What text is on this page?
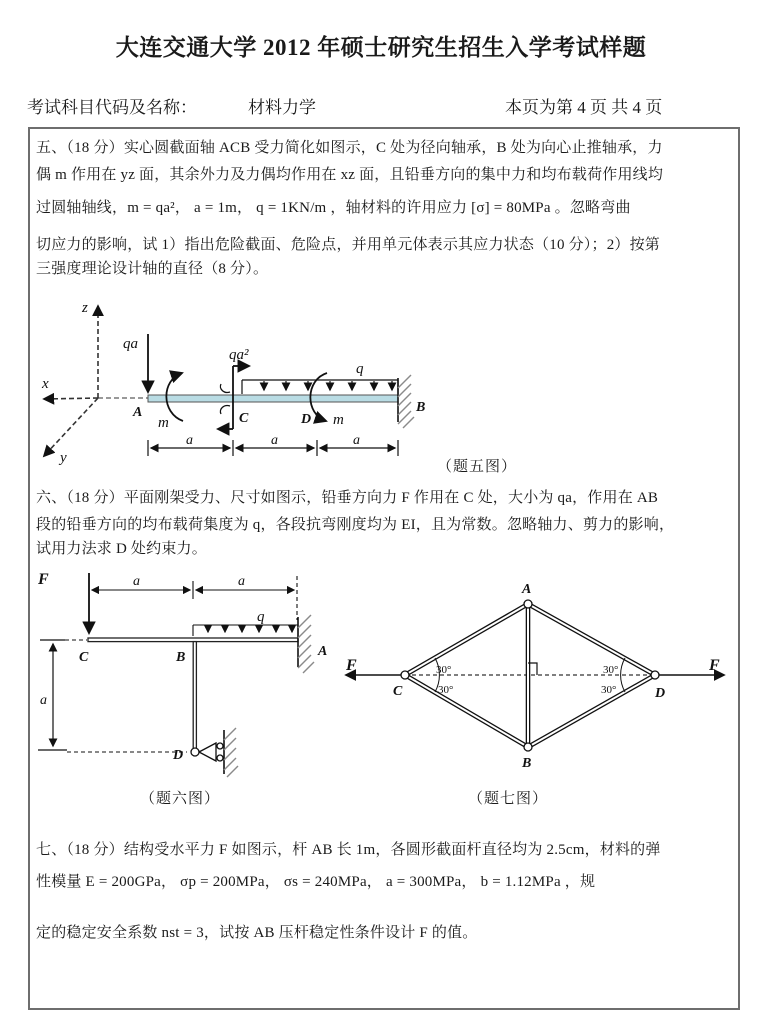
大连交通大学 2012 年硕士研究生招生入学考试样题
考试科目代码及名称：	材料力学	本页为第 4 页 共 4 页
五、（18 分）实心圆截面轴 ACB 受力简化如图示，C 处为径向轴承，B 处为向心止推轴承，力
偶 m 作用在 yz 面，其余外力及力偶均作用在 xz 面，且铅垂方向的集中力和均布载荷作用线均
过圆轴轴线，m = qa²， a = 1m， q = 1KN/m ，轴材料的许用应力 [σ] = 80MPa 。忽略弯曲
切应力的影响，试 1）指出危险截面、危险点，并用单元体表示其应力状态（10 分）；2）按第
三强度理论设计轴的直径（8 分）。
z
x
y
qa
A
m
qa²
C
q
D m
B
a	a	a
（题五图）
六、（18 分）平面刚架受力、尺寸如图示，铅垂方向力 F 作用在 C 处，大小为 qa，作用在 AB
段的铅垂方向的均布载荷集度为 q，各段抗弯刚度均为 EI，且为常数。忽略轴力、剪力的影响，
试用力法求 D 处约束力。
F	a	a
q
C	B	A
a
D
（题六图）
30°
30°
30°
30°
F	F
A
B
C	D
（题七图）
七、（18 分）结构受水平力 F 如图示，杆 AB 长 1m，各圆形截面杆直径均为 2.5cm，材料的弹
性模量 E = 200GPa， σp = 200MPa， σs = 240MPa， a = 300MPa， b = 1.12MPa ，规
定的稳定安全系数 nst = 3，试按 AB 压杆稳定性条件设计 F 的值。
